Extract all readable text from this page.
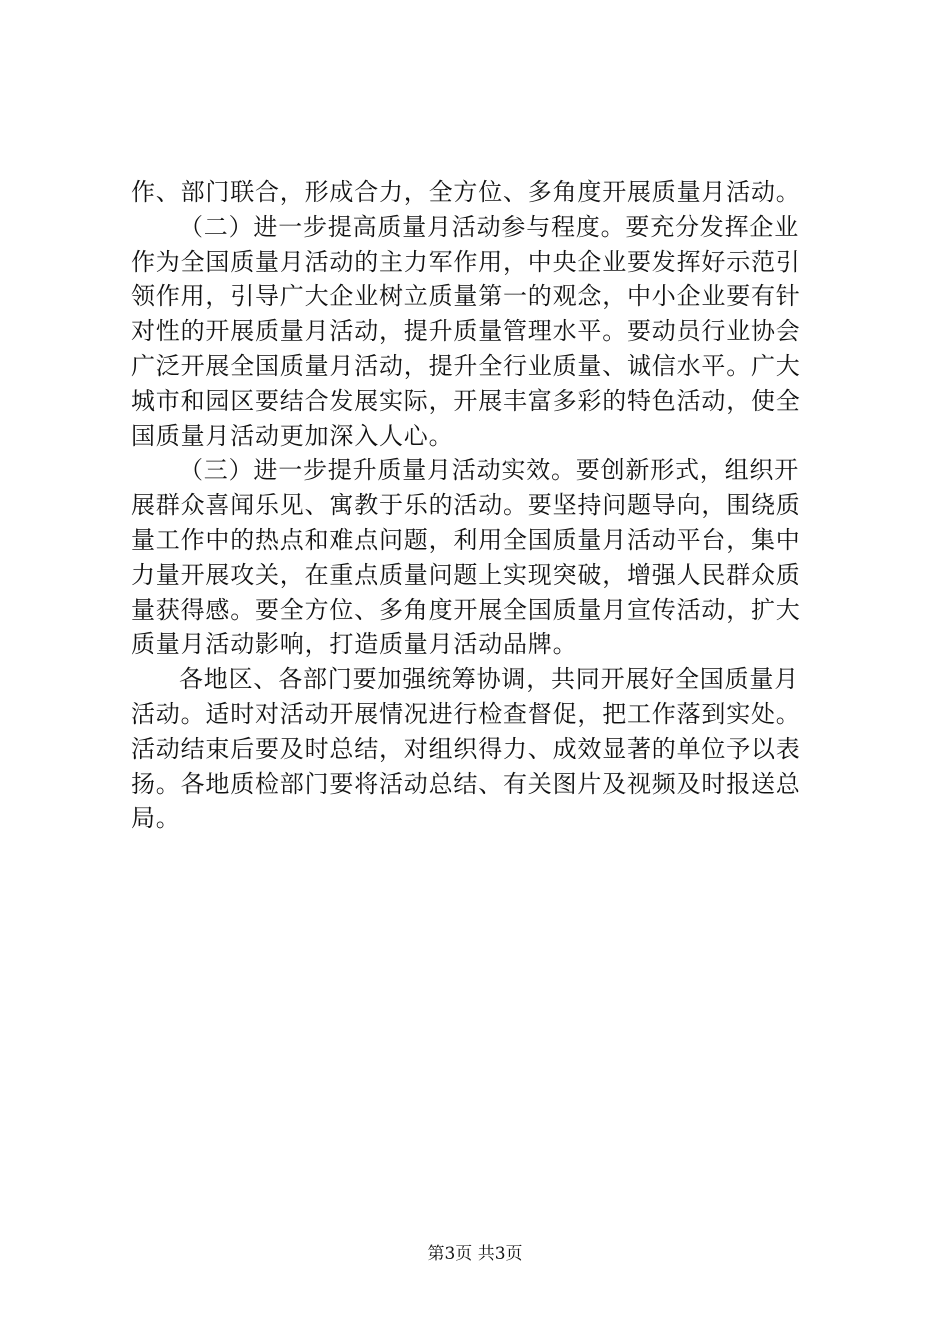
作、部门联合，形成合力，全方位、多角度开展质量月活动。
（二）进一步提高质量月活动参与程度。要充分发挥企业
作为全国质量月活动的主力军作用，中央企业要发挥好示范引
领作用，引导广大企业树立质量第一的观念，中小企业要有针
对性的开展质量月活动，提升质量管理水平。要动员行业协会
广泛开展全国质量月活动，提升全行业质量、诚信水平。广大
城市和园区要结合发展实际，开展丰富多彩的特色活动，使全
国质量月活动更加深入人心。
（三）进一步提升质量月活动实效。要创新形式，组织开
展群众喜闻乐见、寓教于乐的活动。要坚持问题导向，围绕质
量工作中的热点和难点问题，利用全国质量月活动平台，集中
力量开展攻关，在重点质量问题上实现突破，增强人民群众质
量获得感。要全方位、多角度开展全国质量月宣传活动，扩大
质量月活动影响，打造质量月活动品牌。
各地区、各部门要加强统筹协调，共同开展好全国质量月
活动。适时对活动开展情况进行检查督促，把工作落到实处。
活动结束后要及时总结，对组织得力、成效显著的单位予以表
扬。各地质检部门要将活动总结、有关图片及视频及时报送总
局。
第3页 共3页
